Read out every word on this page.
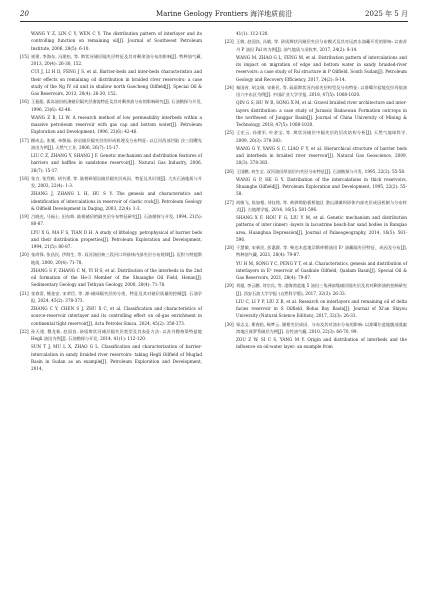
20	Marine Geology Frontiers 海洋地质前沿	2025 年 5 月
WANG Y Z, LIN C Y, WEN C Y. The distribution pattern of interlayer and its controlling function on remaining oil[J]. Journal of Southwest Petroleum Institute, 2006, 28(5): 6-10.
[15] 崔建, 李海东, 冯建松, 等. 辫状河储层隔夹层特征及其对剩余油分布的影响[J]. 特种油气藏, 2013, 20(4): 26-30, 152.
CUI J, LI H D, FENG J S, et al. Barrier-beds and inter-beds characteristics and their effects on remaining oil distribution in braided river reservoirs: a case study of the Ng IV oil unit in shallow north Gaocheng Oilfield[J]. Special Oil & Gas Reservoirs, 2013, 20(4): 26-30, 152.
[16] 王振彪. 孤岛油田低渗储层隔夹层渗流特征及其对剩余油分布的影响研究[J]. 石油勘探与开发, 1996, 23(6): 42-46.
WANG Z B, LI W. A research method of low permeability interbeds within a massive petroleum reservoir with gas cap and bottom water[J]. Petroleum Exploration and Development, 1996, 23(6): 42-46.
[17] 柳成志, 张雁, 单敬福. 砂岩储层隔夹层的形成机理及分布特征: 以辽河西部凹陷 沙三段曙光油田为例[J]. 天然气工业, 2006, 26(7): 15-17.
LIU C Z, ZHANG Y, SHANG J F. Genetic mechanism and distribution features of barriers and baffles in sandstone reservoir[J]. Natural Gas Industry, 2006, 26(7): 15-17.
[18] 张吉, 张烈辉, 胡书勇, 等. 陆相碎屑岩储层隔夹层成因、特征及其识别[J]. 大庆石油地质与开发, 2003, 22(4): 1-3.
ZHANG J, ZHANG L H, HU S Y. The genesis and characteristics and identification of intercalations in reservoir of clastic rock[J]. Petroleum Geology & Oilfield Development in Daqing, 2003, 22(4): 1-3.
[19] 吕晓光, 马福士, 田东辉. 陆相储层的隔夹层分布特征研究[J]. 石油勘探与开发, 1994, 21(5): 80-87.
LYU X G, MA F S, TIAN D H. A study of lithology, petrophysical of barrier beds and their distribution properties[J]. Petroleum Exploration and Development, 1994, 21(5): 80-87.
[20] 张尚锋, 张昌民, 伊海生, 等. 双河油田核三段河口坝砂体内部夹层分布规律[J]. 沉积与特提斯地质, 2000, 20(4): 71-78.
ZHANG S F, ZHANG C M, YI H S, et al. Distribution of the interbeds in the 2nd oil formation of the He-3 Member of the Shuanghe Oil Field, Henan[J]. Sedimentary Geology and Tethyan Geology, 2000, 20(4): 71-78.
[21] 张春雷, 熊金安, 宋荣臣, 等. 源-储网隔夹层的分类、特征及其对储层质量的控制[J]. 石油学报, 2024, 45(2): 378-373.
ZHANG C Y, CHEN S J, ZHU X C, et al. Classification and characteristics of source-reservoir interlayer and its controlling effect on oil-gas enrichment in continental tight reservoir[J]. Acta Petrolei Sinica, 2024, 45(2): 358-373.
[22] 孙天建, 穆龙新, 赵国良. 砂质辫状河储层隔夹层类型及其表征方法: 以苏丹穆格莱特盆地 Hegli 油田为例[J]. 石油勘探与开发, 2014, 41(1): 112-120.
SUN T J, MU L X, ZHAO G L. Classification and characterization of barrier-intercalation in sandy braided river reservoirs: taking Hegli Oilfield of Muglad Basin in Sudan as an example[J]. Petroleum Exploration and Development, 2014,
41(1): 112-120.
[23] 王敏, 赵国良, 冯敏, 等. 砂质辫状河储层夹层分布模式及其对远底水油藏开发的影响: 以南苏丹 P 油田 Fal 块为例[J]. 油气地质与采收率, 2017, 24(2): 8-14.
WANG M, ZHAO G L, FENG M, et al. Distribution pattern of intercalations and its impact on migration of edge and bottom water in sandy braided-river reservoirs: a case study of Fal structure in P Oilfield, South Sudan[J]. Petroleum Geology and Recovery Efficiency, 2017, 24(2): 8-14.
[24] 秦国省, 胡文瑞, 宋新民, 等. 砾质辫状河内部夹层构型及分布特征: 以准噶尔盆地克拉玛依油田六中东区为例[J]. 中国矿业大学学报, 2018, 47(5): 1008-1020.
QIN G S, HU W R, SONG X M, et al. Gravel braided river architecture and inter-layers distribution: a case study of Jurassic Badaowan Formation outcrops in the northwest of Junggar Basin[J]. Journal of China University of Mining & Technology, 2018, 47(5): 1008-1020.
[25] 王宏云, 孙建军, 叶金宝, 等. 辫状河储层中隔夹层的层次结构分析[J]. 天然气地球科学, 2009, 20(3): 378-383.
WANG G Y, YANG S C, LIAO F Y, et al. Hierarchical structure of barrier beds and interbeds in braided river reservoir[J]. Natural Gas Geoscience, 2009, 20(3): 378-383.
[26] 王国鹏, 何生宝. 双河油田厚油层内夹层分布特征[J]. 石油勘探与开发, 1995, 22(2): 55-58.
WANG G P, HE G Y. Distribution of the intercalations in thick reservoirs, Shuanghe Oilfield[J]. Petroleum Exploration and Development, 1995, 22(2): 55-58.
[27] 尚敏飞, 侯加根, 刘钰铭, 等. 黄骅坳陷板桥地区 潜山湖滩坝砂体内部夹层成因机制与分布样式[J]. 古地理学报, 2014, 16(5): 581-596.
SHANG X F, HOU F G, LIU Y M, et al. Genetic mechanism and distribution patterns of inter (inner) -layers in lacustrine beach-bar sand bodies in Banqiao area, Huanghua Depression[J]. Journal of Palaeogeography, 2014, 16(5): 581-596.
[28] 于慧敏, 宋新民, 彭惠群, 等. 柴达木盆地尕斯库勒油田 E³ 油藏隔夹层特征、成因及分布[J]. 特种油气藏, 2021, 28(4): 79-87.
YU H M, SONG Y C, PENG Y T, et al. Characteristics, genesis and distribution of interlayers in E³ reservoir of Gasikule Oilfield, Qaidam Basin[J]. Special Oil & Gas Reservoirs, 2021, 28(4): 79-87.
[29] 刘超, 李云鹏, 刘宗宾, 等. 渤海湾盆地 5 油田三角洲前缘储层隔夹层及其对剩余油的控制研究[J]. 西安石油大学学报 (自然科学版), 2017, 32(3): 26-33.
LIU C, LI Y P, LIU Z B, et al. Research on interlayers and remaining oil of delta facies reservoir in S Oilfield, Bohai Bay Basin[J]. Journal of Xi'an Shiyou University (Natural Science Edition), 2017, 32(3): 26-33.
[30] 邹志文, 斯春松, 杨梦云. 湖相夹层成因、分布及其对油水分布的影响: 以准噶尔盆地腹部莫索湾地区侏罗系储层为例[J]. 岩性油气藏, 2010, 22(3): 66-70, 99.
ZOU Z W, SI C S, YANG M Y. Origin and distribution of interbeds and the influence on oil-water layer: an example from
